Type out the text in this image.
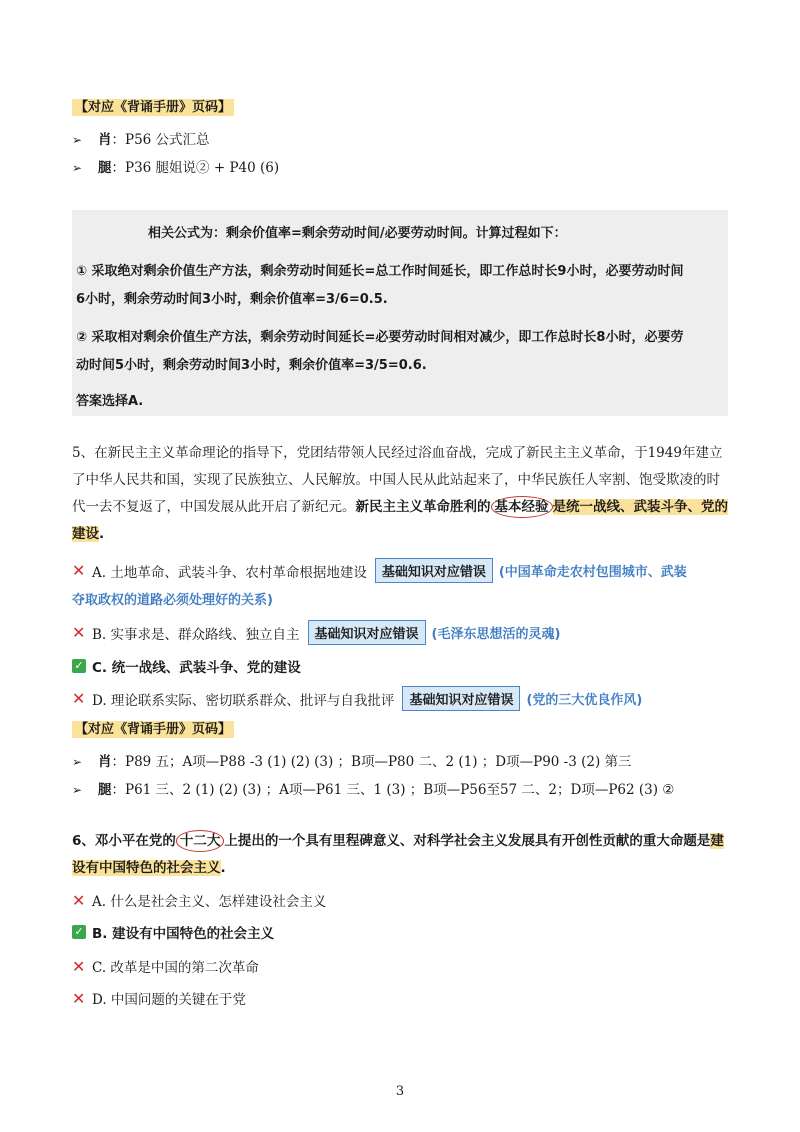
【对应《背诵手册》页码】
➢	肖 ：P56 公式汇总
➢	腿 ：P36 腿姐说② + P40 (6)
相关公式为：剩余价值率=剩余劳动时间/必要劳动时间。计算过程如下：
① 采取绝对剩余价值生产方法，剩余劳动时间延长=总工作时间延长，即工作总时长9小时，必要劳动时间
6小时，剩余劳动时间3小时，剩余价值率=3/6=0.5.
② 采取相对剩余价值生产方法，剩余劳动时间延长=必要劳动时间相对减少，即工作总时长8小时，必要劳
动时间5小时，剩余劳动时间3小时，剩余价值率=3/5=0.6.
答案选择A.
5、在新民主主义革命理论的指导下，党团结带领人民经过浴血奋战，完成了新民主主义革命，于1949年建立了中华人民共和国，实现了民族独立、人民解放。中国人民从此站起来了，中华民族任人宰割、饱受欺凌的时代一去不复返了，中国发展从此开启了新纪元。新民主主义革命胜利的 基本经验 是统一战线、武装斗争、党的建设.
✕ A. 土地革命、武装斗争、农村革命根据地建设	基础知识对应错误	(中国革命走农村包围城市、武装
夺取政权的道路必须处理好的关系)
✕ B. 实事求是、群众路线、独立自主	基础知识对应错误	(毛泽东思想活的灵魂)
✓ C. 统一战线、武装斗争、党的建设
✕ D. 理论联系实际、密切联系群众、批评与自我批评	基础知识对应错误	(党的三大优良作风)
【对应《背诵手册》页码】
➢	肖 ：P89 五；A项—P88 -3 (1) (2) (3) ；B项—P80 二、2 (1) ；D项—P90 -3 (2) 第三
➢	腿 ：P61 三、2 (1) (2) (3) ；A项—P61 三、1 (3) ；B项—P56至57 二、2；D项—P62 (3) ②
6、邓小平在党的 十二大 上提出的一个具有里程碑意义、对科学社会主义发展具有开创性贡献的重大命题是建设有中国特色的社会主义.
✕ A. 什么是社会主义、怎样建设社会主义
✓ B. 建设有中国特色的社会主义
✕ C. 改革是中国的第二次革命
✕ D. 中国问题的关键在于党
3
